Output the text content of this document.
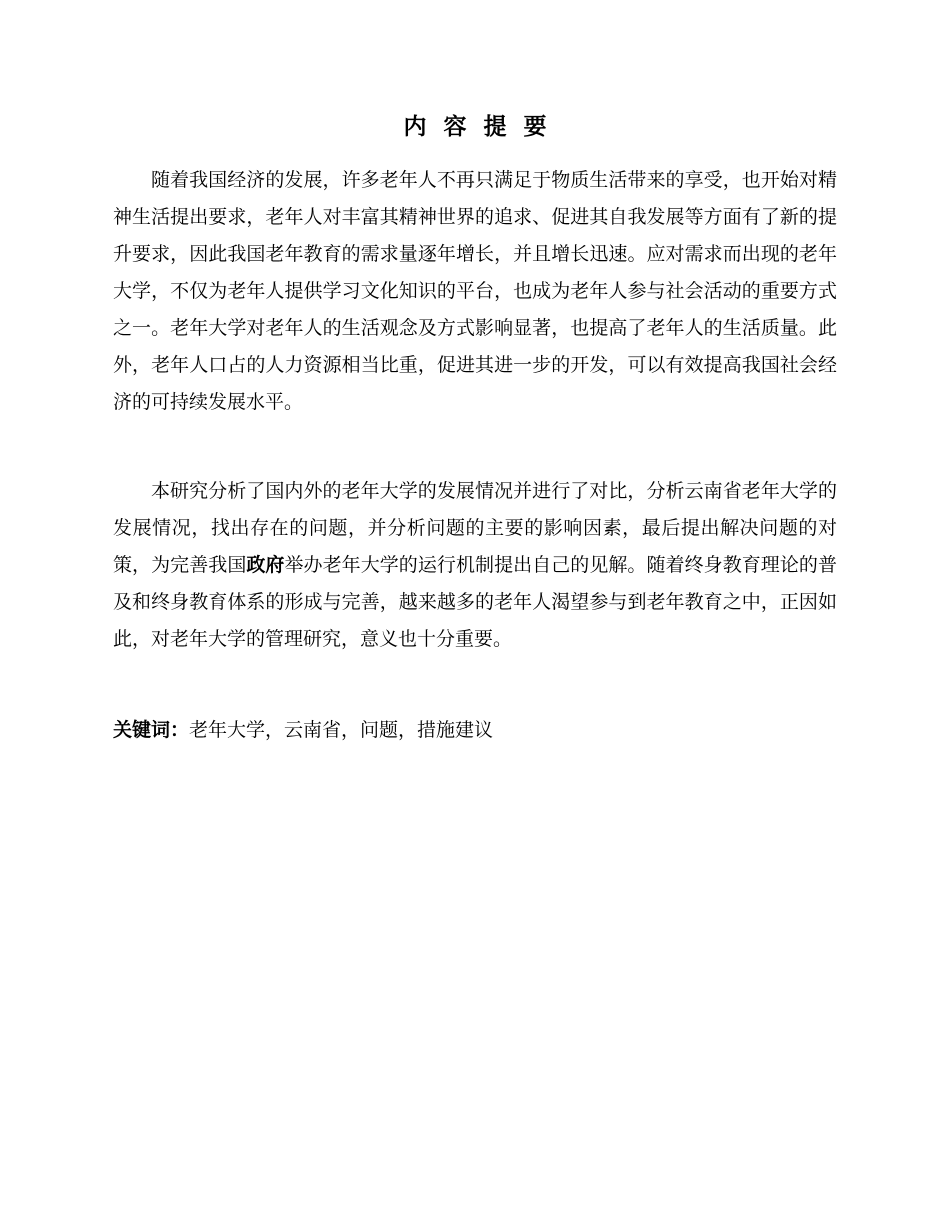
内容提要

随着我国经济的发展，许多老年人不再只满足于物质生活带来的享受，也开始对精神生活提出要求，老年人对丰富其精神世界的追求、促进其自我发展等方面有了新的提升要求，因此我国老年教育的需求量逐年增长，并且增长迅速。应对需求而出现的老年大学，不仅为老年人提供学习文化知识的平台，也成为老年人参与社会活动的重要方式之一。老年大学对老年人的生活观念及方式影响显著，也提高了老年人的生活质量。此外，老年人口占的人力资源相当比重，促进其进一步的开发，可以有效提高我国社会经济的可持续发展水平。

本研究分析了国内外的老年大学的发展情况并进行了对比，分析云南省老年大学的发展情况，找出存在的问题，并分析问题的主要的影响因素，最后提出解决问题的对策，为完善我国政府举办老年大学的运行机制提出自己的见解。随着终身教育理论的普及和终身教育体系的形成与完善，越来越多的老年人渴望参与到老年教育之中，正因如此，对老年大学的管理研究，意义也十分重要。

关键词：老年大学，云南省，问题，措施建议
